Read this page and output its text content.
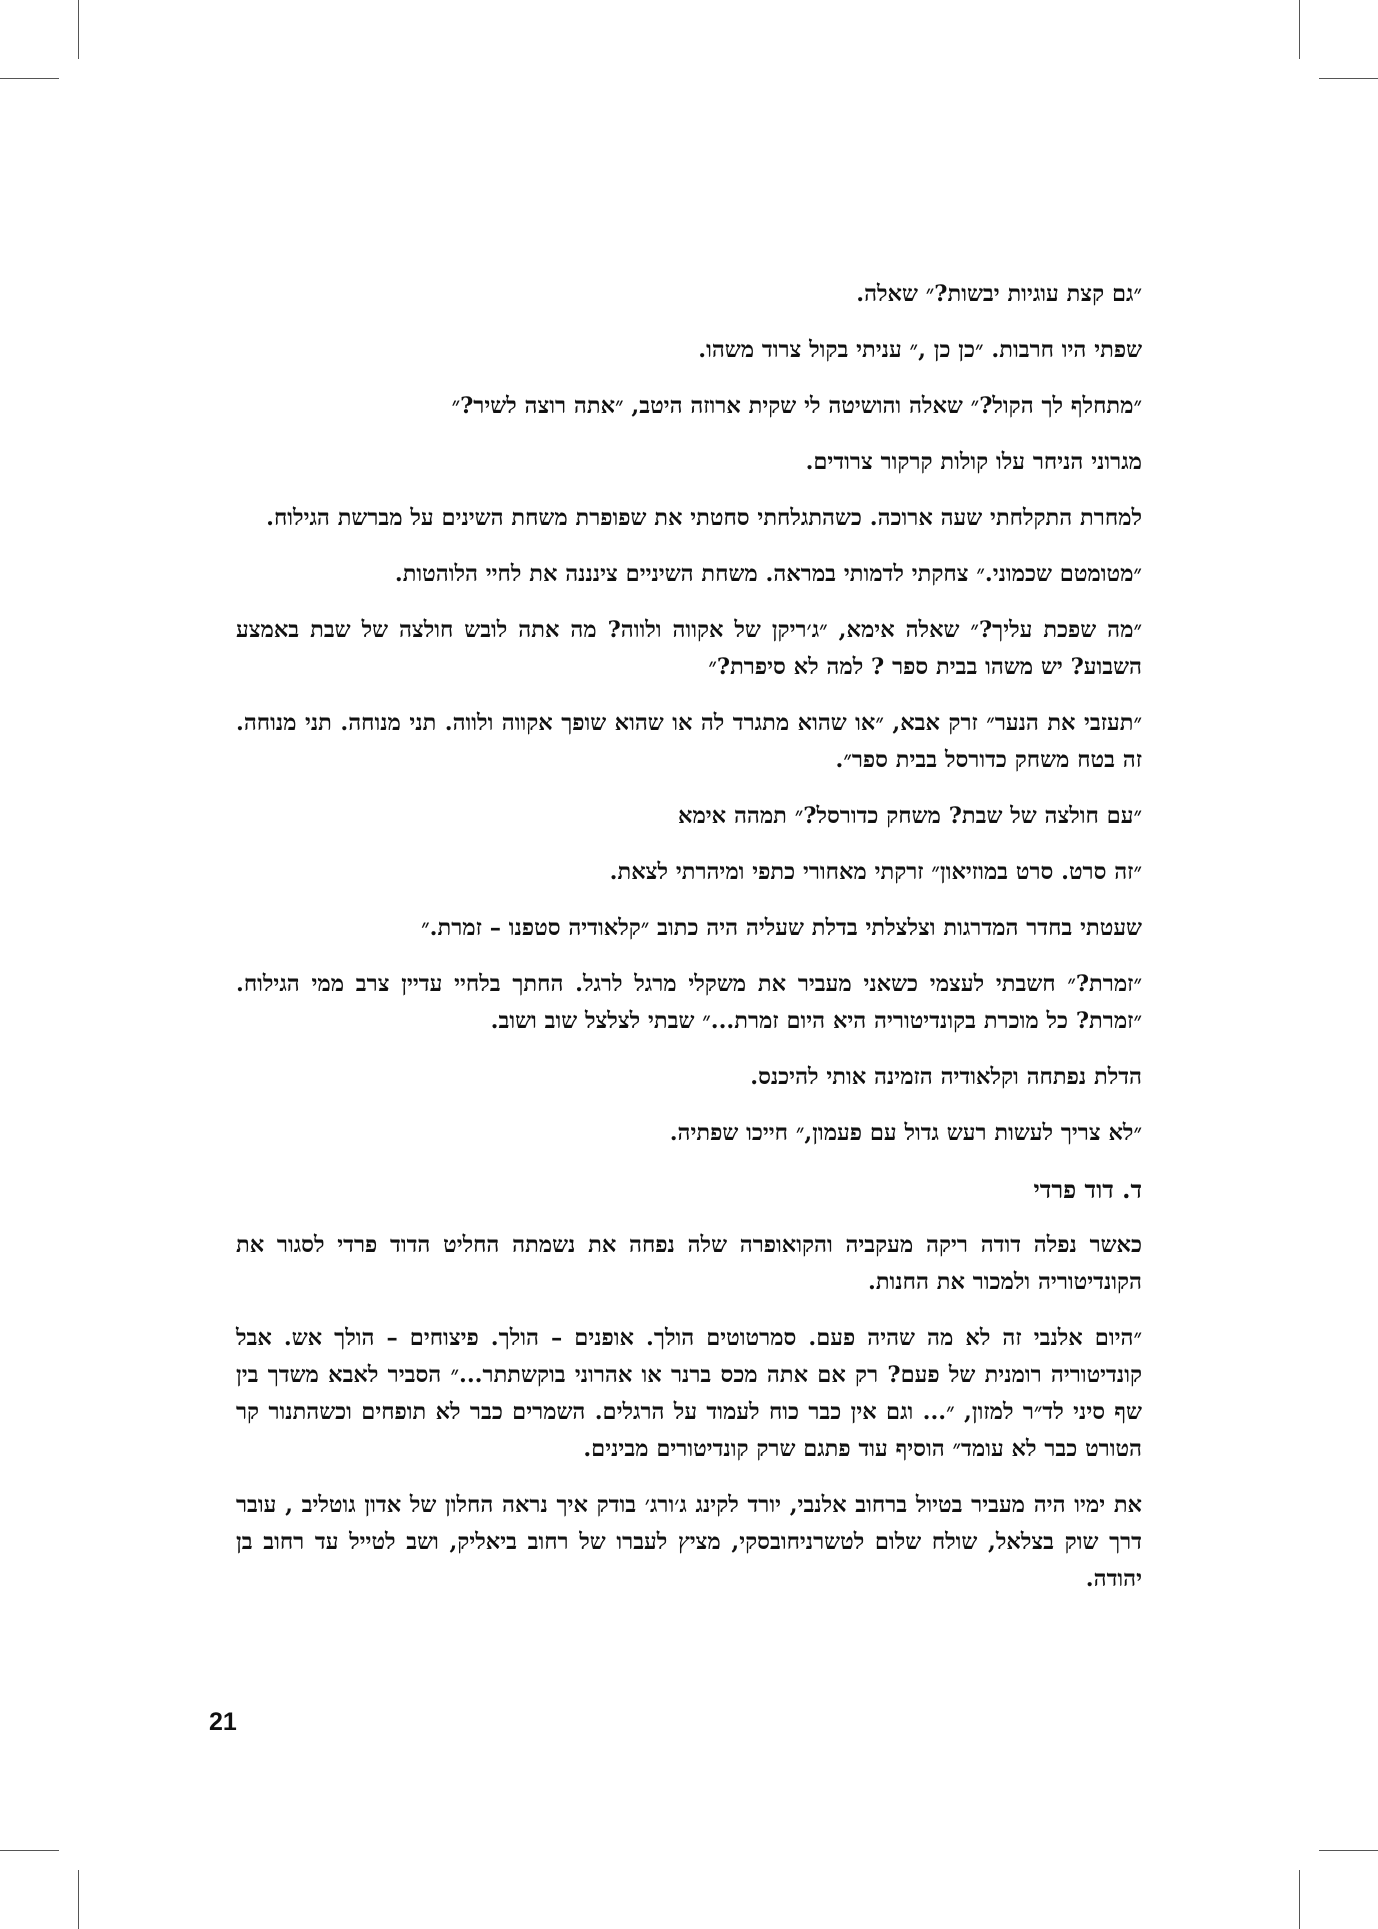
״גם קצת עוגיות יבשות?״ שאלה.

שפתי היו חרבות. ״כן כן ,״ עניתי בקול צרוד משהו.

״מתחלף לך הקול?״ שאלה והושיטה לי שקית ארוזה היטב, ״אתה רוצה לשיר?״

מגרוני הניחר עלו קולות קרקור צרודים.

למחרת התקלחתי שעה ארוכה. כשהתגלחתי סחטתי את שפופרת משחת השינים על מברשת הגילוח.

״מטומטם שכמוני.״ צחקתי לדמותי במראה. משחת השיניים צינננה את לחיי הלוהטות.

״מה שפכת עליך?״ שאלה אימא, ״ג׳ריקן של אקווה ולווה? מה אתה לובש חולצה של שבת באמצע השבוע? יש משהו בבית ספר ? למה לא סיפרת?״

״תעזבי את הנער״ זרק אבא, ״או שהוא מתגרד לה או שהוא שופך אקווה ולווה. תני מנוחה. תני מנוחה. זה בטח משחק כדורסל בבית ספר״.

״עם חולצה של שבת? משחק כדורסל?״ תמהה אימא

״זה סרט. סרט במוזיאון״ זרקתי מאחורי כתפי ומיהרתי לצאת.

שעטתי בחדר המדרגות וצלצלתי בדלת שעליה היה כתוב ״קלאודיה סטפנו – זמרת.״

״זמרת?״ חשבתי לעצמי כשאני מעביר את משקלי מרגל לרגל. החתך בלחיי עדיין צרב ממי הגילוח. ״זמרת? כל מוכרת בקונדיטוריה היא היום זמרת...״ שבתי לצלצל שוב ושוב.

הדלת נפתחה וקלאודיה הזמינה אותי להיכנס.

״לא צריך לעשות רעש גדול עם פעמון,״ חייכו שפתיה.

ד. דוד פרדי

כאשר נפלה דודה ריקה מעקביה והקואופרה שלה נפחה את נשמתה החליט הדוד פרדי לסגור את הקונדיטוריה ולמכור את החנות.

״היום אלנבי זה לא מה שהיה פעם. סמרטוטים הולך. אופנים – הולך. פיצוחים – הולך אש. אבל קונדיטוריה רומנית של פעם? רק אם אתה מכס ברנר או אהרוני בוקשתתר...״ הסביר לאבא משדך בין שף סיני לד״ר למזון, ״... וגם אין כבר כוח לעמוד על הרגלים. השמרים כבר לא תופחים וכשהתנור קר הטורט כבר לא עומד״ הוסיף עוד פתגם שרק קונדיטורים מבינים.

את ימיו היה מעביר בטיול ברחוב אלנבי, יורד לקינג ג׳ורג׳ בודק איך נראה החלון של אדון גוטליב , עובר דרך שוק בצלאל, שולח שלום לטשרניחובסקי, מציץ לעברו של רחוב ביאליק, ושב לטייל עד רחוב בן יהודה.

21
